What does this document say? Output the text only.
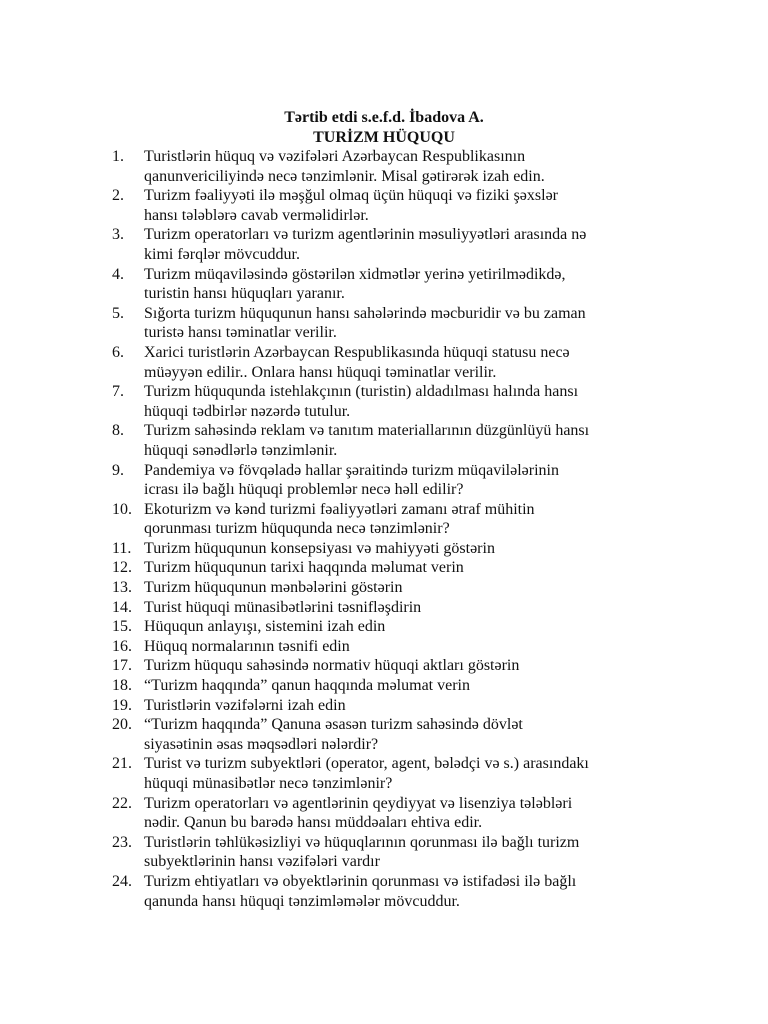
Tərtib etdi s.e.f.d. İbadova A.

TURİZM HÜQUQU

1.	Turistlərin hüquq və vəzifələri Azərbaycan Respublikasının
qanunvericiliyində necə tənzimlənir. Misal gətirərək izah edin.
2.	Turizm fəaliyyəti ilə məşğul olmaq üçün hüquqi və fiziki şəxslər
hansı tələblərə cavab verməlidirlər.
3.	Turizm operatorları və turizm agentlərinin məsuliyyətləri arasında nə
kimi fərqlər mövcuddur.
4.	Turizm müqaviləsində göstərilən xidmətlər yerinə yetirilmədikdə,
turistin hansı hüquqları yaranır.
5.	Sığorta turizm hüququnun hansı sahələrində məcburidir və bu zaman
turistə hansı təminatlar verilir.
6.	Xarici turistlərin Azərbaycan Respublikasında hüquqi statusu necə
müəyyən edilir.. Onlara hansı hüquqi təminatlar verilir.
7.	Turizm hüququnda istehlakçının (turistin) aldadılması halında hansı
hüquqi tədbirlər nəzərdə tutulur.
8.	Turizm sahəsində reklam və tanıtım materiallarının düzgünlüyü hansı
hüquqi sənədlərlə tənzimlənir.
9.	Pandemiya və fövqəladə hallar şəraitində turizm müqavilələrinin
icrası ilə bağlı hüquqi problemlər necə həll edilir?
10. Ekoturizm və kənd turizmi fəaliyyətləri zamanı ətraf mühitin
qorunması turizm hüququnda necə tənzimlənir?
11. Turizm hüququnun konsepsiyası və mahiyyəti göstərin
12. Turizm hüququnun tarixi haqqında məlumat verin
13. Turizm hüququnun mənbələrini göstərin
14. Turist hüquqi münasibətlərini təsnifləşdirin
15. Hüququn anlayışı, sistemini izah edin
16. Hüquq normalarının təsnifi edin
17. Turizm hüququ sahəsində normativ hüquqi aktları göstərin
18. “Turizm haqqında” qanun haqqında məlumat verin
19. Turistlərin vəzifələrni izah edin
20. “Turizm haqqında” Qanuna əsasən turizm sahəsində dövlət
siyasətinin əsas məqsədləri nələrdir?
21. Turist və turizm subyektləri (operator, agent, bələdçi və s.) arasındakı
hüquqi münasibətlər necə tənzimlənir?
22. Turizm operatorları və agentlərinin qeydiyyat və lisenziya tələbləri
nədir. Qanun bu barədə hansı müddəaları ehtiva edir.
23. Turistlərin təhlükəsizliyi və hüquqlarının qorunması ilə bağlı turizm
subyektlərinin hansı vəzifələri vardır
24. Turizm ehtiyatları və obyektlərinin qorunması və istifadəsi ilə bağlı
qanunda hansı hüquqi tənzimləmələr mövcuddur.
